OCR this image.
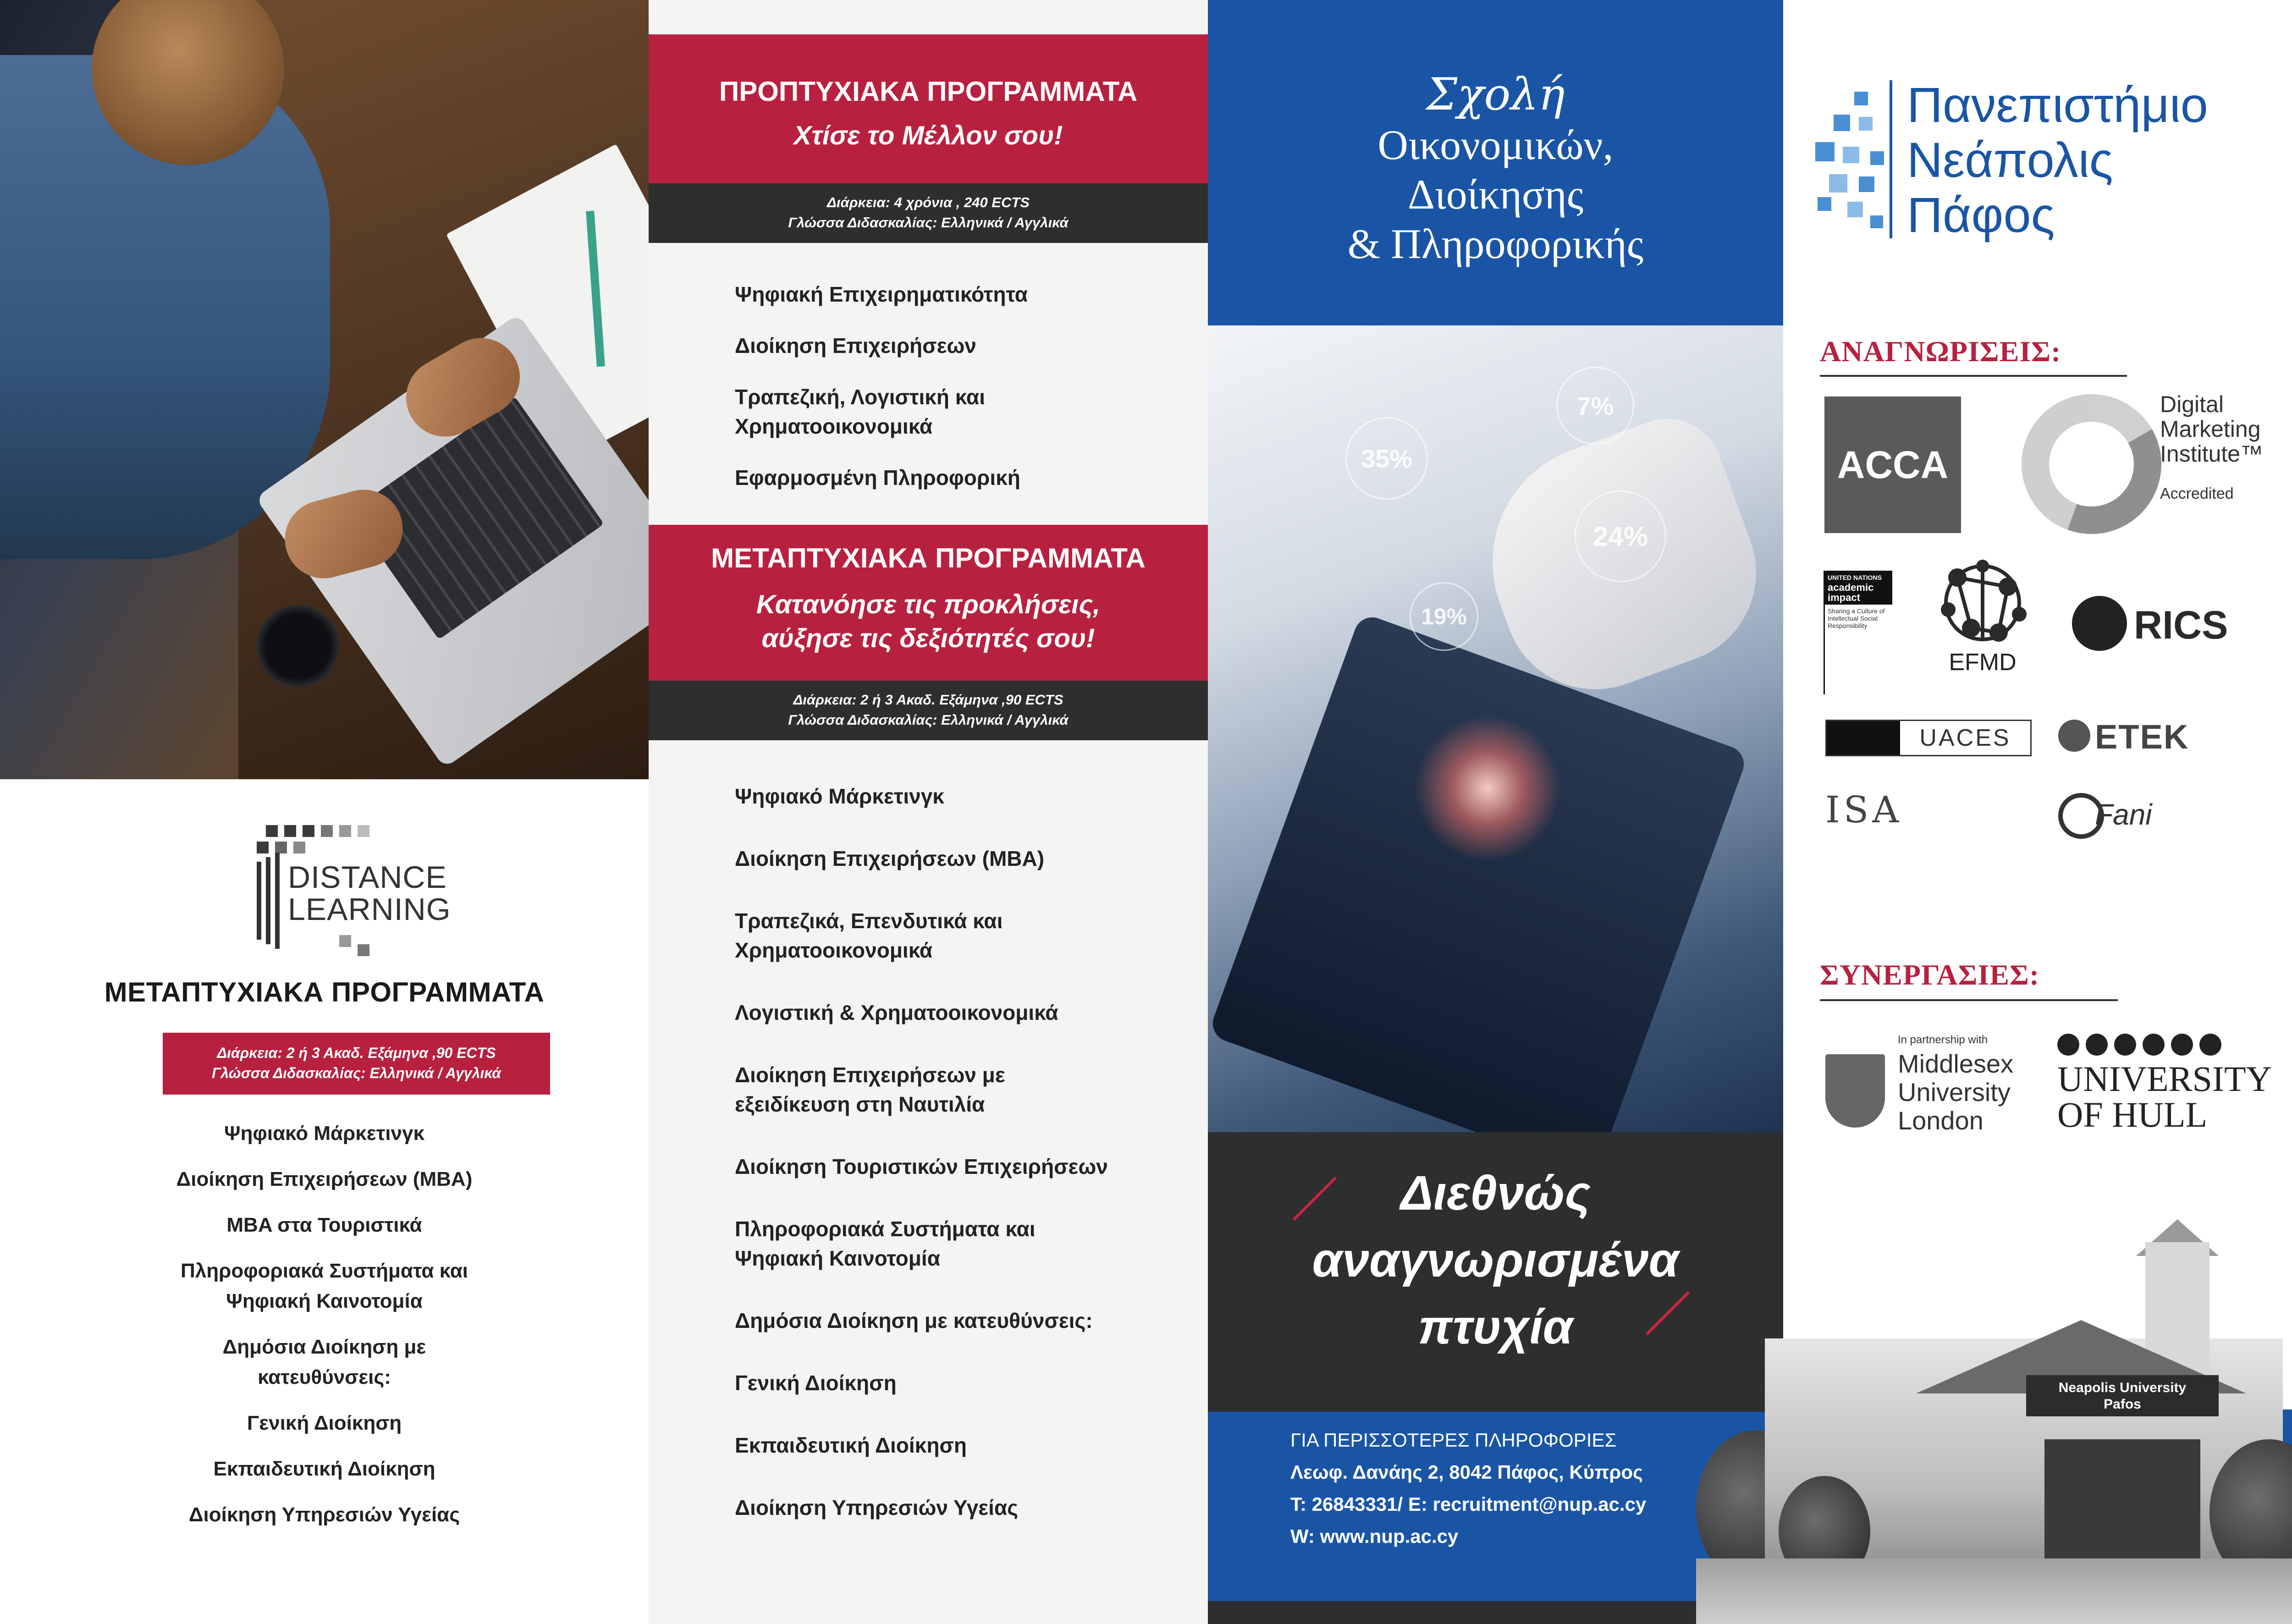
DISTANCE
LEARNING
ΜΕΤΑΠΤΥΧΙΑΚΑ ΠΡΟΓΡΑΜΜΑΤΑ
Διάρκεια: 2 ή 3 Ακαδ. Εξάμηνα ,90 ECTS
Γλώσσα Διδασκαλίας: Ελληνικά / Αγγλικά
Ψηφιακό Μάρκετινγκ
Διοίκηση Επιχειρήσεων (MBA)
MBA στα Τουριστικά
Πληροφοριακά Συστήματα και
Ψηφιακή Καινοτομία
Δημόσια Διοίκηση με
κατευθύνσεις:
Γενική Διοίκηση
Εκπαιδευτική Διοίκηση
Διοίκηση Υπηρεσιών Υγείας
ΠΡΟΠΤΥΧΙΑΚΑ ΠΡΟΓΡΑΜΜΑΤΑ
Χτίσε το Μέλλον σου!
Διάρκεια: 4 χρόνια , 240 ECTS
Γλώσσα Διδασκαλίας: Ελληνικά / Αγγλικά
Ψηφιακή Επιχειρηματικότητα
Διοίκηση Επιχειρήσεων
Τραπεζική, Λογιστική και
Χρηματοοικονομικά
Εφαρμοσμένη Πληροφορική
ΜΕΤΑΠΤΥΧΙΑΚΑ ΠΡΟΓΡΑΜΜΑΤΑ
Κατανόησε τις προκλήσεις,
αύξησε τις δεξιότητές σου!
Διάρκεια: 2 ή 3 Ακαδ. Εξάμηνα ,90 ECTS
Γλώσσα Διδασκαλίας: Ελληνικά / Αγγλικά
Ψηφιακό Μάρκετινγκ
Διοίκηση Επιχειρήσεων (MBA)
Τραπεζικά, Επενδυτικά και
Χρηματοοικονομικά
Λογιστική & Χρηματοοικονομικά
Διοίκηση Επιχειρήσεων με
εξειδίκευση στη Ναυτιλία
Διοίκηση Τουριστικών Επιχειρήσεων
Πληροφοριακά Συστήματα και
Ψηφιακή Καινοτομία
Δημόσια Διοίκηση με κατευθύνσεις:
Γενική Διοίκηση
Εκπαιδευτική Διοίκηση
Διοίκηση Υπηρεσιών Υγείας
Σχολή
Οικονομικών,
Διοίκησης
& Πληροφορικής
7%
35%
24%
19%
Διεθνώς
αναγνωρισμένα
πτυχία
ΓΙΑ ΠΕΡΙΣΣΟΤΕΡΕΣ ΠΛΗΡΟΦΟΡΙΕΣ
Λεωφ. Δανάης 2, 8042 Πάφος, Κύπρος
T: 26843331/ E: recruitment@nup.ac.cy
W: www.nup.ac.cy
Πανεπιστήμιο
Νεάπολις
Πάφος
ΑΝΑΓΝΩΡΙΣΕΙΣ:
ACCA
Digital
Marketing
Institute™
Accredited
UNITED NATIONS
academic
impact
Sharing a Culture of Intellectual Social Responsibility
EFMD
RICS
UACES	ΕΤΕΚ
ISA	Fani
ΣΥΝΕΡΓΑΣΙΕΣ:
In partnership with
Middlesex
University
London
UNIVERSITY
OF HULL
Neapolis University
Pafos
